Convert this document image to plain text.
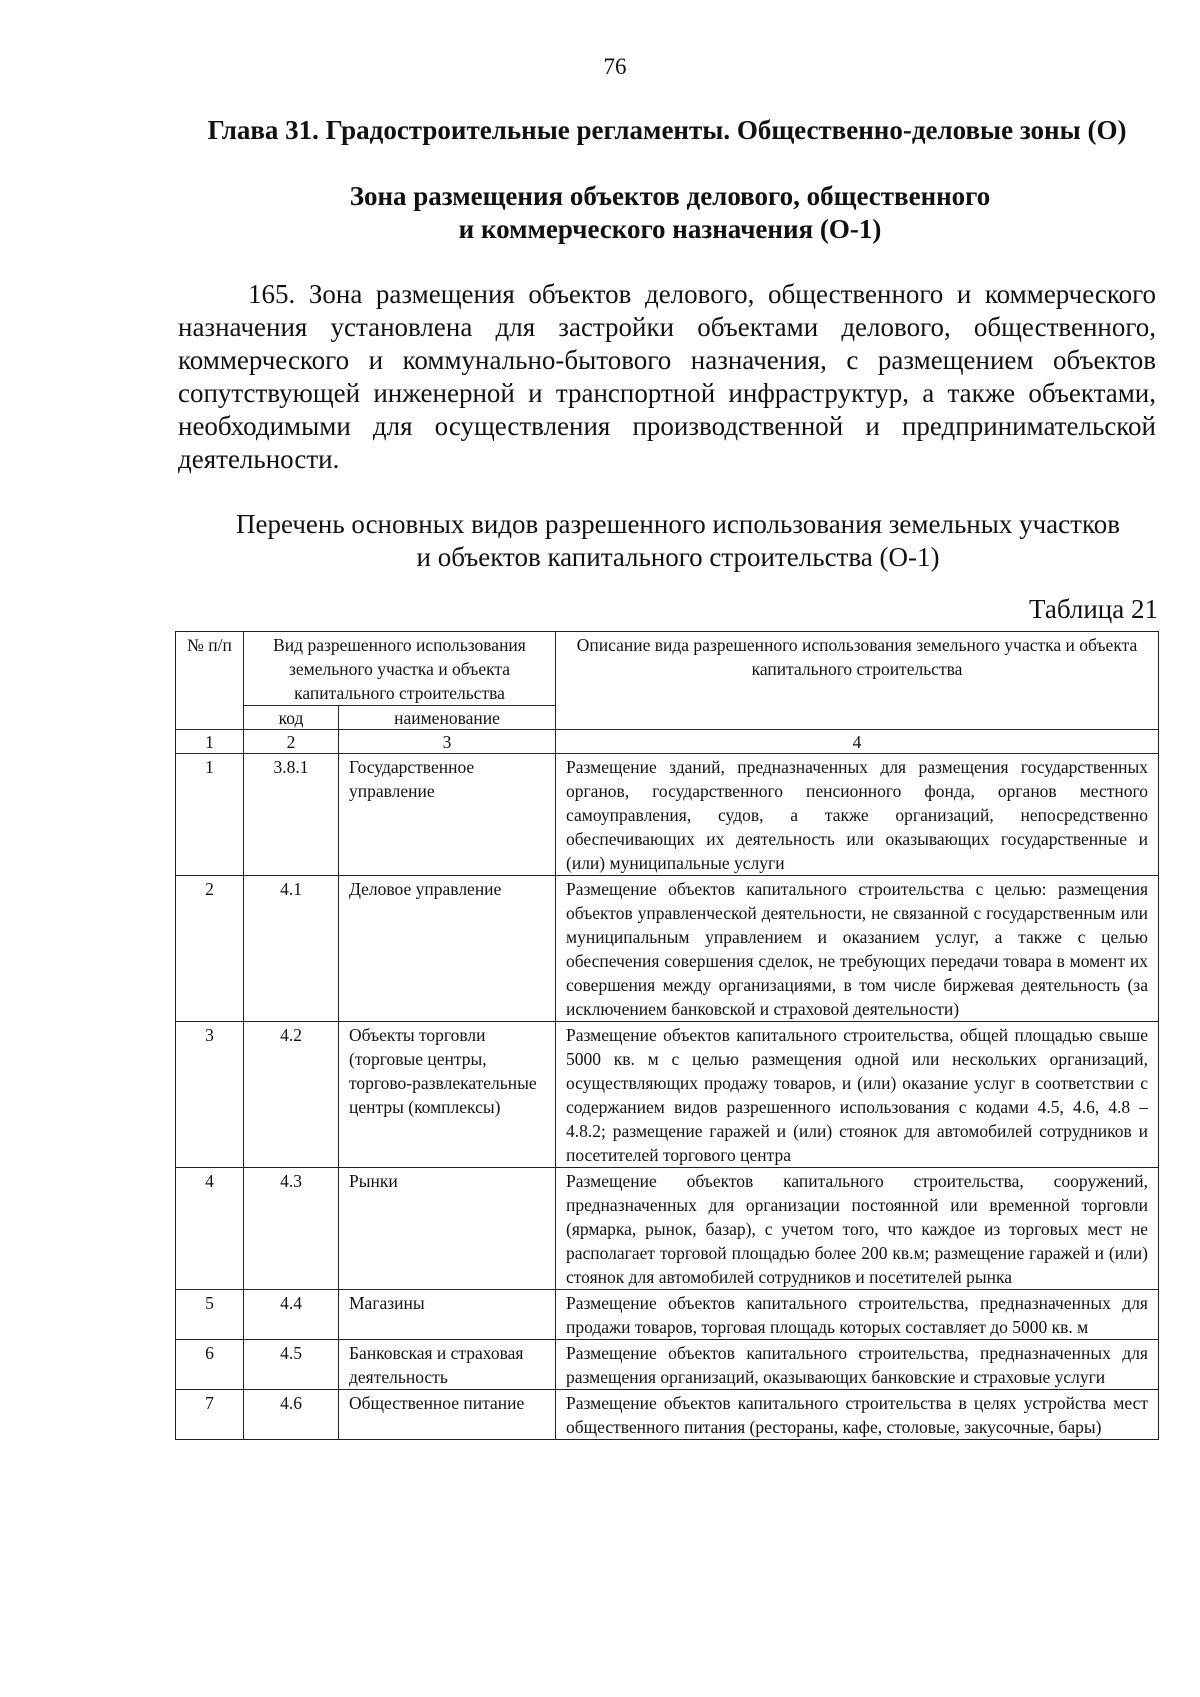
76
Глава 31. Градостроительные регламенты. Общественно-деловые зоны (О)
Зона размещения объектов делового, общественного
и коммерческого назначения (О-1)
165. Зона размещения объектов делового, общественного и коммерческого назначения установлена для застройки объектами делового, общественного, коммерческого и коммунально-бытового назначения, с размещением объектов сопутствующей инженерной и транспортной инфраструктур, а также объектами, необходимыми для осуществления производственной и предпринимательской деятельности.
Перечень основных видов разрешенного использования земельных участков
и объектов капитального строительства (О-1)
Таблица 21
№ п/п	Вид разрешенного использования земельного участка и объекта капитального строительства		Описание вида разрешенного использования земельного участка и объекта капитального строительства
	код	наименование	
1	2	3	4
1	3.8.1	Государственное управление	Размещение зданий, предназначенных для размещения государственных органов, государственного пенсионного фонда, органов местного самоуправления, судов, а также организаций, непосредственно обеспечивающих их деятельность или оказывающих государственные и (или) муниципальные услуги
2	4.1	Деловое управление	Размещение объектов капитального строительства с целью: размещения объектов управленческой деятельности, не связанной с государственным или муниципальным управлением и оказанием услуг, а также с целью обеспечения совершения сделок, не требующих передачи товара в момент их совершения между организациями, в том числе биржевая деятельность (за исключением банковской и страховой деятельности)
3	4.2	Объекты торговли (торговые центры, торгово-развлекательные центры (комплексы)	Размещение объектов капитального строительства, общей площадью свыше 5000 кв. м с целью размещения одной или нескольких организаций, осуществляющих продажу товаров, и (или) оказание услуг в соответствии с содержанием видов разрешенного использования с кодами 4.5, 4.6, 4.8 – 4.8.2; размещение гаражей и (или) стоянок для автомобилей сотрудников и посетителей торгового центра
4	4.3	Рынки	Размещение объектов капитального строительства, сооружений, предназначенных для организации постоянной или временной торговли (ярмарка, рынок, базар), с учетом того, что каждое из торговых мест не располагает торговой площадью более 200 кв.м; размещение гаражей и (или) стоянок для автомобилей сотрудников и посетителей рынка
5	4.4	Магазины	Размещение объектов капитального строительства, предназначенных для продажи товаров, торговая площадь которых составляет до 5000 кв. м
6	4.5	Банковская и страховая деятельность	Размещение объектов капитального строительства, предназначенных для размещения организаций, оказывающих банковские и страховые услуги
7	4.6	Общественное питание	Размещение объектов капитального строительства в целях устройства мест общественного питания (рестораны, кафе, столовые, закусочные, бары)
